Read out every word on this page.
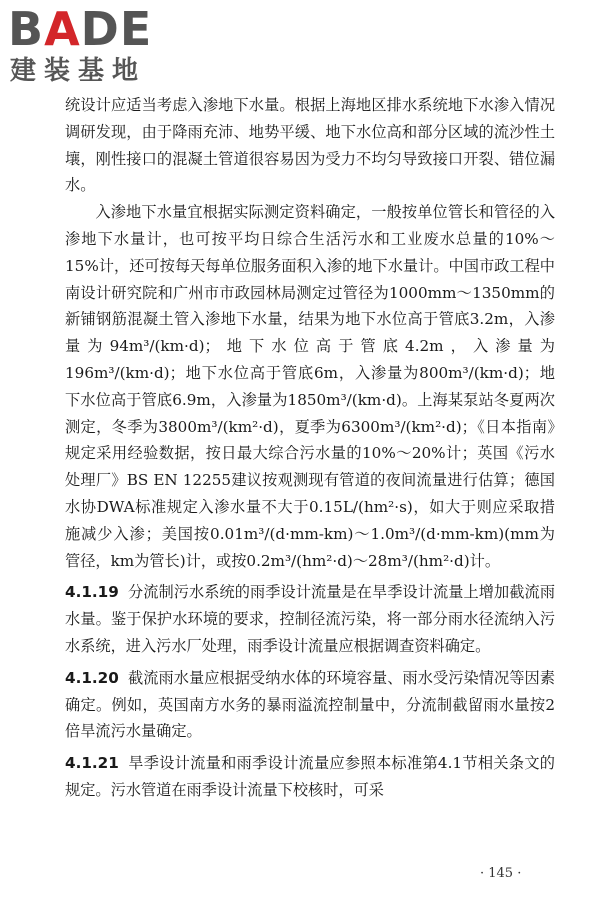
BADE
建装基地

统设计应适当考虑入渗地下水量。根据上海地区排水系统地下水渗入情况调研发现，由于降雨充沛、地势平缓、地下水位高和部分区域的流沙性土壤，刚性接口的混凝土管道很容易因为受力不均匀导致接口开裂、错位漏水。

入渗地下水量宜根据实际测定资料确定，一般按单位管长和管径的入渗地下水量计，也可按平均日综合生活污水和工业废水总量的10%～15%计，还可按每天每单位服务面积入渗的地下水量计。中国市政工程中南设计研究院和广州市市政园林局测定过管径为1000mm～1350mm的新铺钢筋混凝土管入渗地下水量，结果为地下水位高于管底3.2m，入渗量为94m³/(km·d)；地下水位高于管底4.2m，入渗量为196m³/(km·d)；地下水位高于管底6m，入渗量为800m³/(km·d)；地下水位高于管底6.9m，入渗量为1850m³/(km·d)。上海某泵站冬夏两次测定，冬季为3800m³/(km²·d)，夏季为6300m³/(km²·d)；《日本指南》规定采用经验数据，按日最大综合污水量的10%～20%计；英国《污水处理厂》BS EN 12255建议按观测现有管道的夜间流量进行估算；德国水协DWA标准规定入渗水量不大于0.15L/(hm²·s)，如大于则应采取措施减少入渗；美国按0.01m³/(d·mm-km)～1.0m³/(d·mm-km)(mm为管径，km为管长)计，或按0.2m³/(hm²·d)～28m³/(hm²·d)计。

4.1.19 分流制污水系统的雨季设计流量是在旱季设计流量上增加截流雨水量。鉴于保护水环境的要求，控制径流污染，将一部分雨水径流纳入污水系统，进入污水厂处理，雨季设计流量应根据调查资料确定。

4.1.20 截流雨水量应根据受纳水体的环境容量、雨水受污染情况等因素确定。例如，英国南方水务的暴雨溢流控制量中，分流制截留雨水量按2倍旱流污水量确定。

4.1.21 旱季设计流量和雨季设计流量应参照本标准第4.1节相关条文的规定。污水管道在雨季设计流量下校核时，可采

· 145 ·
